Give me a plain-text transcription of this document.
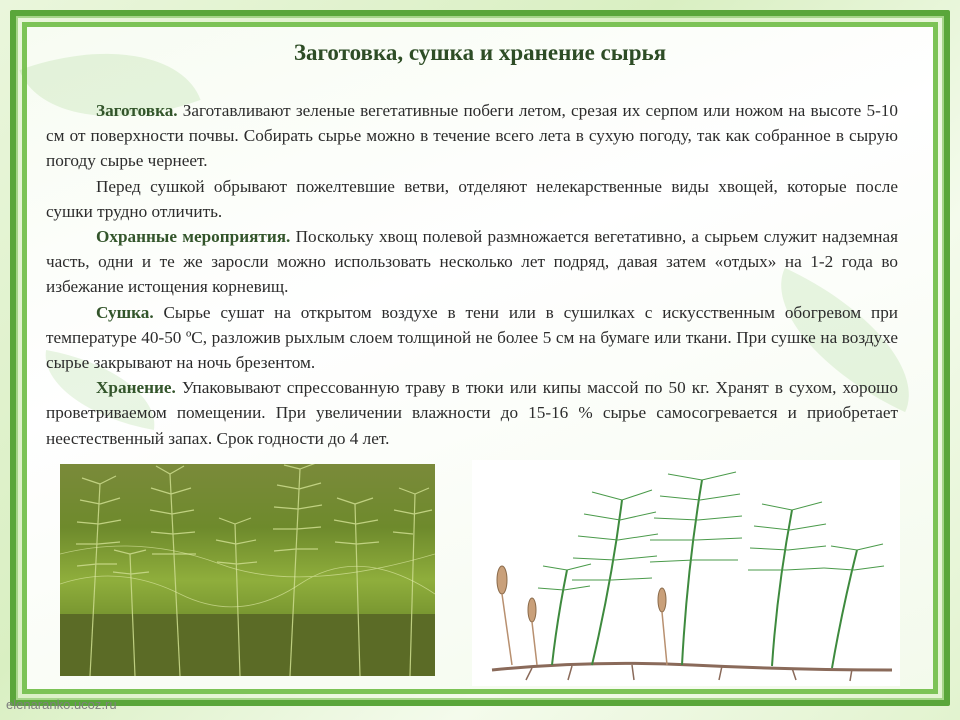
Заготовка, сушка и хранение сырья

Заготовка. Заготавливают зеленые вегетативные побеги летом, срезая их серпом или ножом на высоте 5-10 см от поверхности почвы. Собирать сырье можно в течение всего лета в сухую погоду, так как собранное в сырую погоду сырье чернеет.

Перед сушкой обрывают пожелтевшие ветви, отделяют нелекарственные виды хвощей, которые после сушки трудно отличить.

Охранные мероприятия. Поскольку хвощ полевой размножается вегетативно, а сырьем служит надземная часть, одни и те же заросли можно использовать несколько лет подряд, давая затем «отдых» на 1-2 года во избежание истощения корневищ.

Сушка. Сырье сушат на открытом воздухе в тени или в сушилках с искусственным обогревом при температуре 40-50 ºС, разложив рыхлым слоем толщиной не более 5 см на бумаге или ткани. При сушке на воздухе сырье закрывают на ночь брезентом.

Хранение. Упаковывают спрессованную траву в тюки или кипы массой по 50 кг. Хранят в сухом, хорошо проветриваемом помещении. При увеличении влажности до 15-16 % сырье самосогревается и приобретает неестественный запах. Срок годности до 4 лет.

elenaranko.ucoz.ru
